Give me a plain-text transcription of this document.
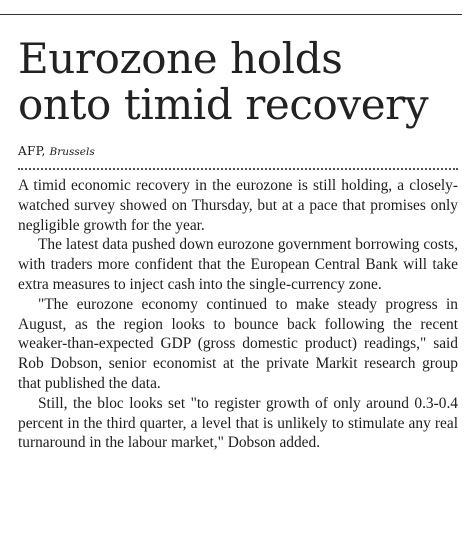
Eurozone holds
onto timid recovery
AFP, Brussels

A timid economic recovery in the eurozone is still holding, a closely-watched survey showed on Thursday, but at a pace that promises only negligible growth for the year.

The latest data pushed down eurozone government borrowing costs, with traders more confident that the European Central Bank will take extra measures to inject cash into the single-currency zone.

"The eurozone economy continued to make steady progress in August, as the region looks to bounce back following the recent weaker-than-expected GDP (gross domestic product) readings," said Rob Dobson, senior economist at the private Markit research group that published the data.

Still, the bloc looks set "to register growth of only around 0.3-0.4 percent in the third quarter, a level that is unlikely to stimulate any real turnaround in the labour market," Dobson added.
